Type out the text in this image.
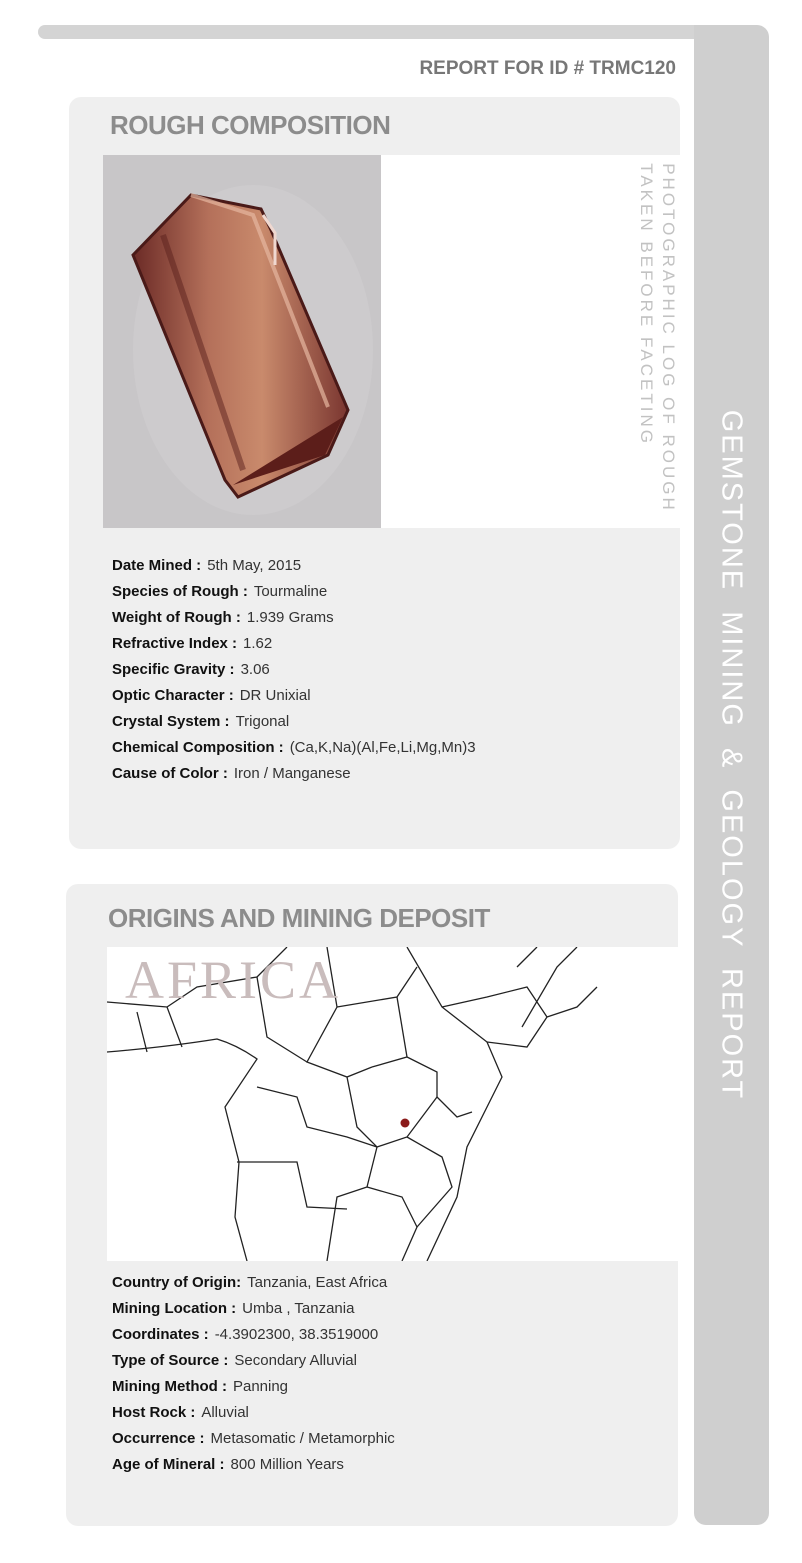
GEMSTONE MINING & GEOLOGY REPORT
REPORT FOR ID # TRMC120
ROUGH COMPOSITION
PHOTOGRAPHIC LOG OF ROUGH
TAKEN BEFORE FACETING
Date Mined : 5th May, 2015
Species of Rough : Tourmaline
Weight of Rough : 1.939 Grams
Refractive Index : 1.62
Specific Gravity : 3.06
Optic Character : DR Unixial
Crystal System : Trigonal
Chemical Composition : (Ca,K,Na)(Al,Fe,Li,Mg,Mn)3
Cause of Color : Iron / Manganese
ORIGINS AND MINING DEPOSIT
AFRICA
Country of Origin: Tanzania, East Africa
Mining Location : Umba , Tanzania
Coordinates : -4.3902300, 38.3519000
Type of Source : Secondary Alluvial
Mining Method : Panning
Host Rock : Alluvial
Occurrence : Metasomatic / Metamorphic
Age of Mineral : 800 Million Years
